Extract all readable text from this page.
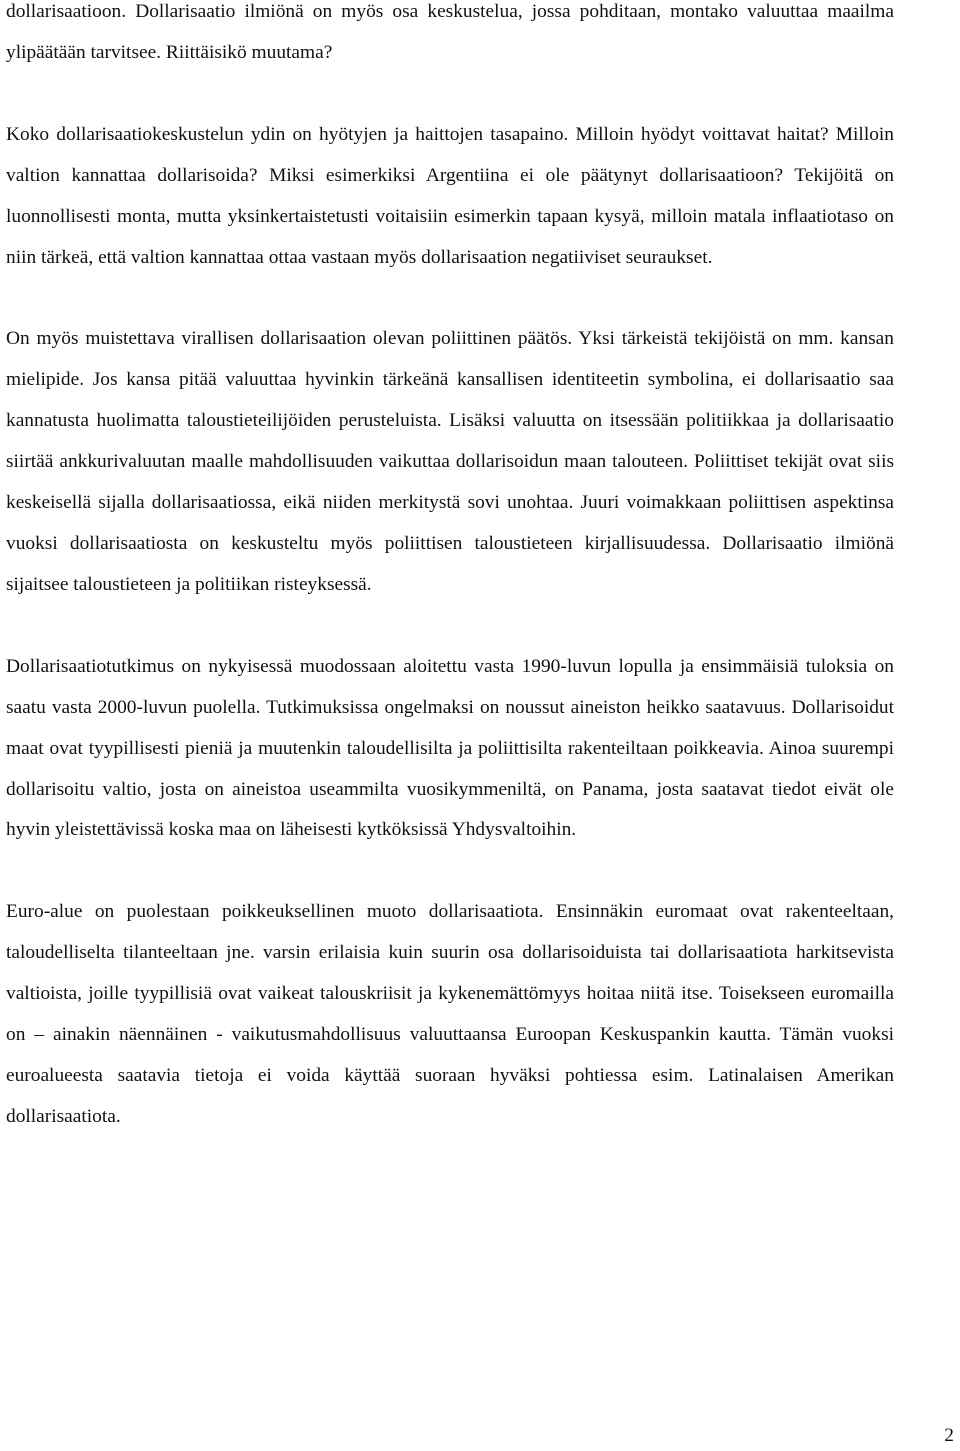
dollarisaatioon. Dollarisaatio ilmiönä on myös osa keskustelua, jossa pohditaan, montako valuuttaa maailma ylipäätään tarvitsee. Riittäisikö muutama?

Koko dollarisaatiokeskustelun ydin on hyötyjen ja haittojen tasapaino. Milloin hyödyt voittavat haitat? Milloin valtion kannattaa dollarisoida? Miksi esimerkiksi Argentiina ei ole päätynyt dollarisaatioon? Tekijöitä on luonnollisesti monta, mutta yksinkertaistetusti voitaisiin esimerkin tapaan kysyä, milloin matala inflaatiotaso on niin tärkeä, että valtion kannattaa ottaa vastaan myös dollarisaation negatiiviset seuraukset.

On myös muistettava virallisen dollarisaation olevan poliittinen päätös. Yksi tärkeistä tekijöistä on mm. kansan mielipide. Jos kansa pitää valuuttaa hyvinkin tärkeänä kansallisen identiteetin symbolina, ei dollarisaatio saa kannatusta huolimatta taloustieteilijöiden perusteluista. Lisäksi valuutta on itsessään politiikkaa ja dollarisaatio siirtää ankkurivaluutan maalle mahdollisuuden vaikuttaa dollarisoidun maan talouteen. Poliittiset tekijät ovat siis keskeisellä sijalla dollarisaatiossa, eikä niiden merkitystä sovi unohtaa. Juuri voimakkaan poliittisen aspektinsa vuoksi dollarisaatiosta on keskusteltu myös poliittisen taloustieteen kirjallisuudessa. Dollarisaatio ilmiönä sijaitsee taloustieteen ja politiikan risteyksessä.

Dollarisaatiotutkimus on nykyisessä muodossaan aloitettu vasta 1990-luvun lopulla ja ensimmäisiä tuloksia on saatu vasta 2000-luvun puolella. Tutkimuksissa ongelmaksi on noussut aineiston heikko saatavuus. Dollarisoidut maat ovat tyypillisesti pieniä ja muutenkin taloudellisilta ja poliittisilta rakenteiltaan poikkeavia. Ainoa suurempi dollarisoitu valtio, josta on aineistoa useammilta vuosikymmeniltä, on Panama, josta saatavat tiedot eivät ole hyvin yleistettävissä koska maa on läheisesti kytköksissä Yhdysvaltoihin.

Euro-alue on puolestaan poikkeuksellinen muoto dollarisaatiota. Ensinnäkin euromaat ovat rakenteeltaan, taloudelliselta tilanteeltaan jne. varsin erilaisia kuin suurin osa dollarisoiduista tai dollarisaatiota harkitsevista valtioista, joille tyypillisiä ovat vaikeat talouskriisit ja kykenemättömyys hoitaa niitä itse. Toisekseen euromailla on – ainakin näennäinen - vaikutusmahdollisuus valuuttaansa Euroopan Keskuspankin kautta. Tämän vuoksi euroalueesta saatavia tietoja ei voida käyttää suoraan hyväksi pohtiessa esim. Latinalaisen Amerikan dollarisaatiota.

2
